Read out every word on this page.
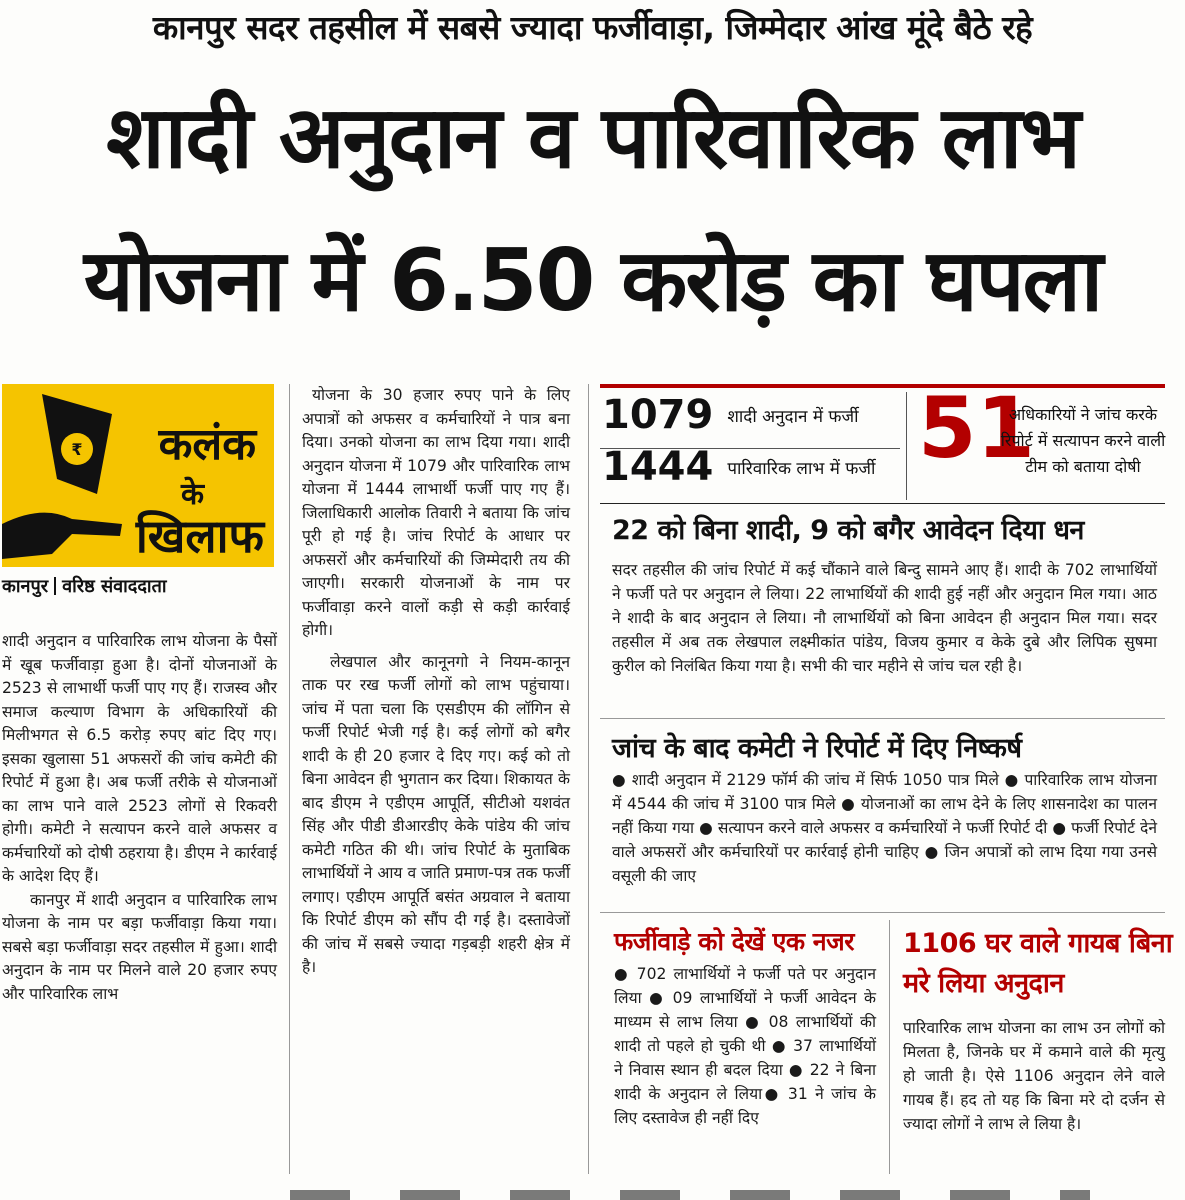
कानपुर सदर तहसील में सबसे ज्यादा फर्जीवाड़ा, जिम्मेदार आंख मूंदे बैठे रहे
शादी अनुदान व पारिवारिक लाभ
योजना में 6.50 करोड़ का घपला
₹ कलंक
के
खिलाफ
कानपुर वरिष्ठ संवाददाता

शादी अनुदान व पारिवारिक लाभ योजना के पैसों में खूब फर्जीवाड़ा हुआ है। दोनों योजनाओं के 2523 से लाभार्थी फर्जी पाए गए हैं। राजस्व और समाज कल्याण विभाग के अधिकारियों की मिलीभगत से 6.5 करोड़ रुपए बांट दिए गए। इसका खुलासा 51 अफसरों की जांच कमेटी की रिपोर्ट में हुआ है। अब फर्जी तरीके से योजनाओं का लाभ पाने वाले 2523 लोगों से रिकवरी होगी। कमेटी ने सत्यापन करने वाले अफसर व कर्मचारियों को दोषी ठहराया है। डीएम ने कार्रवाई के आदेश दिए हैं।

कानपुर में शादी अनुदान व पारिवारिक लाभ योजना के नाम पर बड़ा फर्जीवाड़ा किया गया। सबसे बड़ा फर्जीवाड़ा सदर तहसील में हुआ। शादी अनुदान के नाम पर मिलने वाले 20 हजार रुपए और पारिवारिक लाभ

योजना के 30 हजार रुपए पाने के लिए अपात्रों को अफसर व कर्मचारियों ने पात्र बना दिया। उनको योजना का लाभ दिया गया। शादी अनुदान योजना में 1079 और पारिवारिक लाभ योजना में 1444 लाभार्थी फर्जी पाए गए हैं। जिलाधिकारी आलोक तिवारी ने बताया कि जांच पूरी हो गई है। जांच रिपोर्ट के आधार पर अफसरों और कर्मचारियों की जिम्मेदारी तय की जाएगी। सरकारी योजनाओं के नाम पर फर्जीवाड़ा करने वालों कड़ी से कड़ी कार्रवाई होगी।

लेखपाल और कानूनगो ने नियम-कानून ताक पर रख फर्जी लोगों को लाभ पहुंचाया। जांच में पता चला कि एसडीएम की लॉगिन से फर्जी रिपोर्ट भेजी गई है। कई लोगों को बगैर शादी के ही 20 हजार दे दिए गए। कई को तो बिना आवेदन ही भुगतान कर दिया। शिकायत के बाद डीएम ने एडीएम आपूर्ति, सीटीओ यशवंत सिंह और पीडी डीआरडीए केके पांडेय की जांच कमेटी गठित की थी। जांच रिपोर्ट के मुताबिक लाभार्थियों ने आय व जाति प्रमाण-पत्र तक फर्जी लगाए। एडीएम आपूर्ति बसंत अग्रवाल ने बताया कि रिपोर्ट डीएम को सौंप दी गई है। दस्तावेजों की जांच में सबसे ज्यादा गड़बड़ी शहरी क्षेत्र में है।

1079 शादी अनुदान में फर्जी
1444 पारिवारिक लाभ में फर्जी 51
अधिकारियों ने जांच करके रिपोर्ट में सत्यापन करने वाली टीम को बताया दोषी
22 को बिना शादी, 9 को बगैर आवेदन दिया धन

सदर तहसील की जांच रिपोर्ट में कई चौंकाने वाले बिन्दु सामने आए हैं। शादी के 702 लाभार्थियों ने फर्जी पते पर अनुदान ले लिया। 22 लाभार्थियों की शादी हुई नहीं और अनुदान मिल गया। आठ ने शादी के बाद अनुदान ले लिया। नौ लाभार्थियों को बिना आवेदन ही अनुदान मिल गया। सदर तहसील में अब तक लेखपाल लक्ष्मीकांत पांडेय, विजय कुमार व केके दुबे और लिपिक सुषमा कुरील को निलंबित किया गया है। सभी की चार महीने से जांच चल रही है।

जांच के बाद कमेटी ने रिपोर्ट में दिए निष्कर्ष

● शादी अनुदान में 2129 फॉर्म की जांच में सिर्फ 1050 पात्र मिले ● पारिवारिक लाभ योजना में 4544 की जांच में 3100 पात्र मिले ● योजनाओं का लाभ देने के लिए शासनादेश का पालन नहीं किया गया ● सत्यापन करने वाले अफसर व कर्मचारियों ने फर्जी रिपोर्ट दी ● फर्जी रिपोर्ट देने वाले अफसरों और कर्मचारियों पर कार्रवाई होनी चाहिए ● जिन अपात्रों को लाभ दिया गया उनसे वसूली की जाए

फर्जीवाड़े को देखें एक नजर

● 702 लाभार्थियों ने फर्जी पते पर अनुदान लिया ● 09 लाभार्थियों ने फर्जी आवेदन के माध्यम से लाभ लिया ● 08 लाभार्थियों की शादी तो पहले हो चुकी थी ● 37 लाभार्थियों ने निवास स्थान ही बदल दिया ● 22 ने बिना शादी के अनुदान ले लिया● 31 ने जांच के लिए दस्तावेज ही नहीं दिए

1106 घर वाले गायब बिना मरे लिया अनुदान

पारिवारिक लाभ योजना का लाभ उन लोगों को मिलता है, जिनके घर में कमाने वाले की मृत्यु हो जाती है। ऐसे 1106 अनुदान लेने वाले गायब हैं। हद तो यह कि बिना मरे दो दर्जन से ज्यादा लोगों ने लाभ ले लिया है।
